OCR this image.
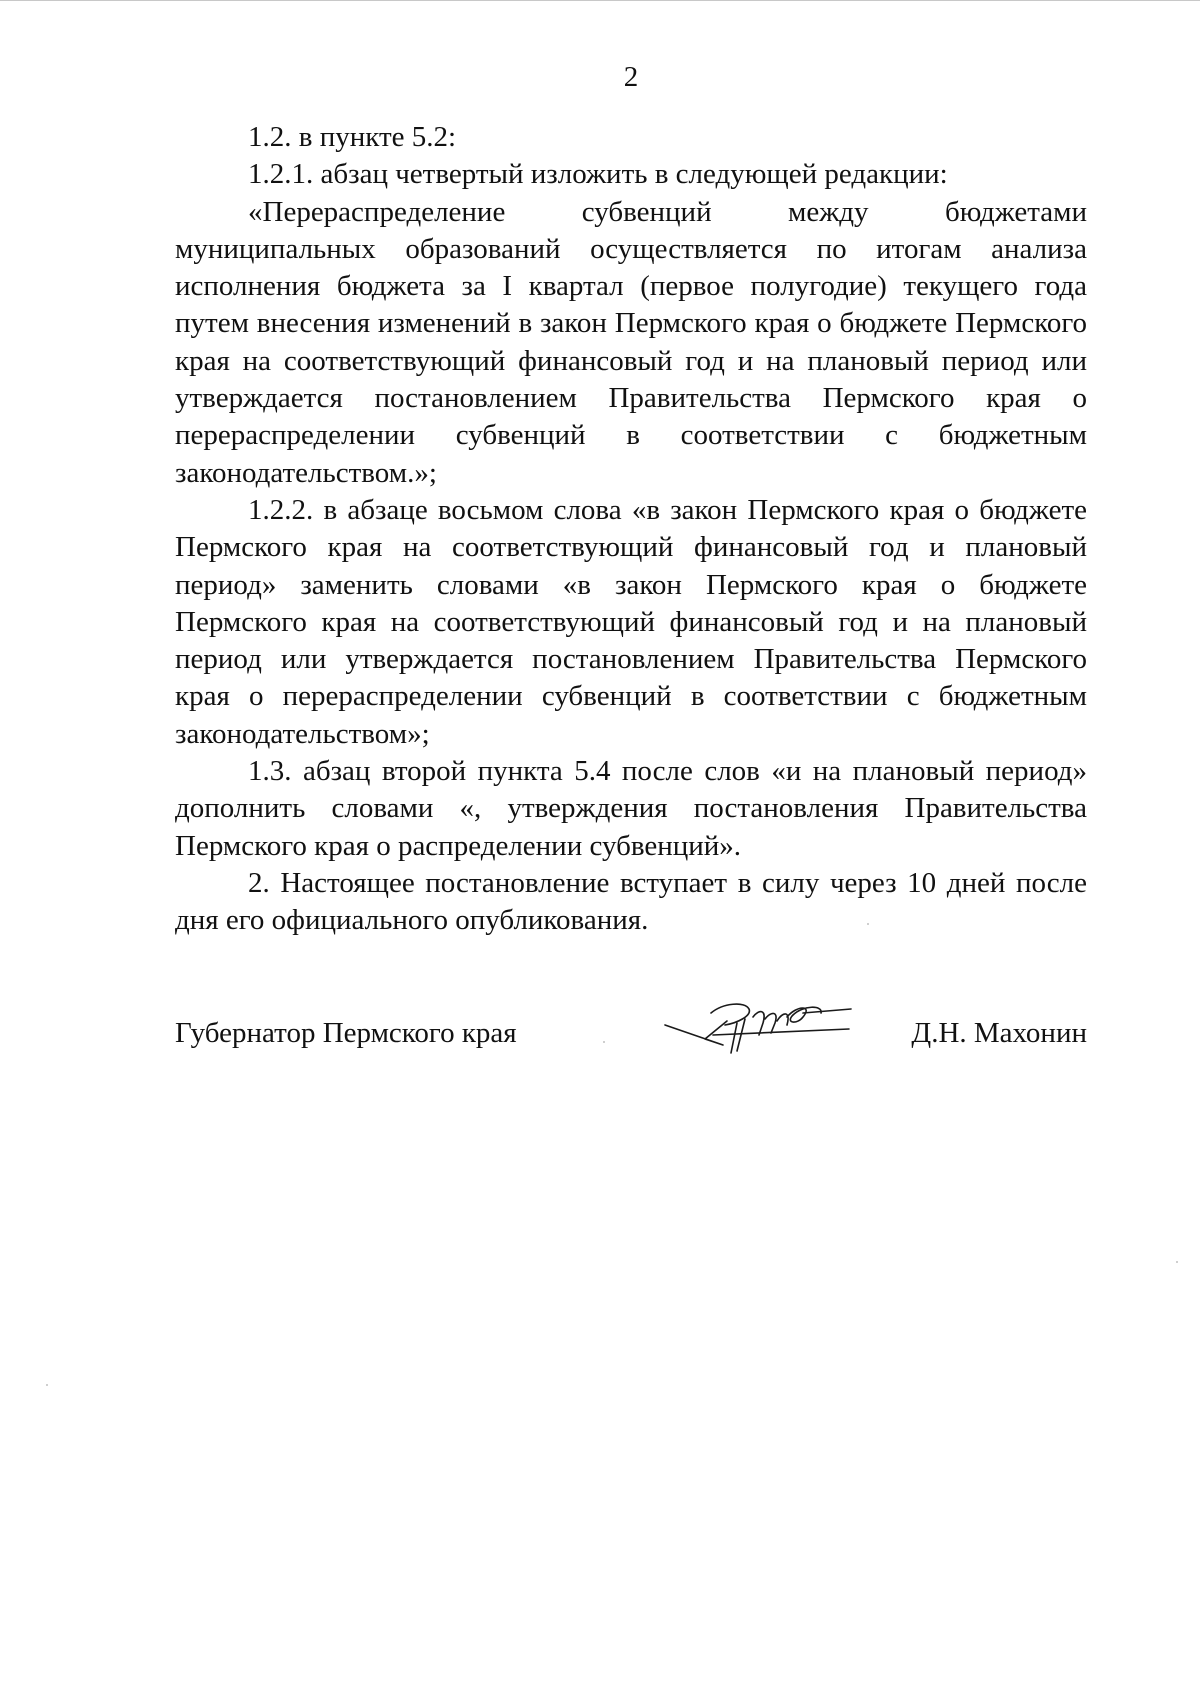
2

1.2. в пункте 5.2:

1.2.1. абзац четвертый изложить в следующей редакции:

«Перераспределение субвенций между бюджетами муниципальных образований осуществляется по итогам анализа исполнения бюджета за I квартал (первое полугодие) текущего года путем внесения изменений в закон Пермского края о бюджете Пермского края на соответствующий финансовый год и на плановый период или утверждается постановлением Правительства Пермского края о перераспределении субвенций в соответствии с бюджетным законодательством.»;

1.2.2. в абзаце восьмом слова «в закон Пермского края о бюджете Пермского края на соответствующий финансовый год и плановый период» заменить словами «в закон Пермского края о бюджете Пермского края на соответствующий финансовый год и на плановый период или утверждается постановлением Правительства Пермского края о перераспределении субвенций в соответствии с бюджетным законодательством»;

1.3. абзац второй пункта 5.4 после слов «и на плановый период» дополнить словами «, утверждения постановления Правительства Пермского края о распределении субвенций».

2. Настоящее постановление вступает в силу через 10 дней после дня его официального опубликования.

Губернатор Пермского края	Д.Н. Махонин
